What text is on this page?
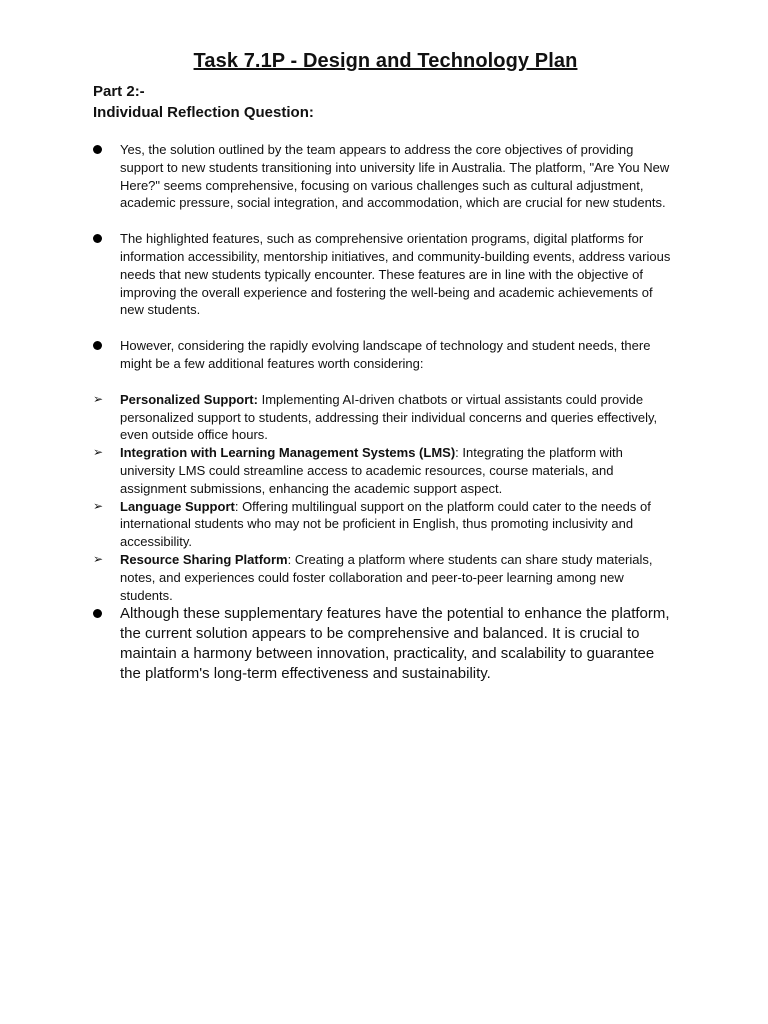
Task 7.1P - Design and Technology Plan
Part 2:-
Individual Reflection Question:
Yes, the solution outlined by the team appears to address the core objectives of providing support to new students transitioning into university life in Australia. The platform, "Are You New Here?" seems comprehensive, focusing on various challenges such as cultural adjustment, academic pressure, social integration, and accommodation, which are crucial for new students.
The highlighted features, such as comprehensive orientation programs, digital platforms for information accessibility, mentorship initiatives, and community-building events, address various needs that new students typically encounter. These features are in line with the objective of improving the overall experience and fostering the well-being and academic achievements of new students.
However, considering the rapidly evolving landscape of technology and student needs, there might be a few additional features worth considering:
➢	Personalized Support: Implementing AI-driven chatbots or virtual assistants could provide personalized support to students, addressing their individual concerns and queries effectively, even outside office hours.
➢	Integration with Learning Management Systems (LMS): Integrating the platform with university LMS could streamline access to academic resources, course materials, and assignment submissions, enhancing the academic support aspect.
➢	Language Support: Offering multilingual support on the platform could cater to the needs of international students who may not be proficient in English, thus promoting inclusivity and accessibility.
➢	Resource Sharing Platform: Creating a platform where students can share study materials, notes, and experiences could foster collaboration and peer-to-peer learning among new students.
Although these supplementary features have the potential to enhance the platform, the current solution appears to be comprehensive and balanced. It is crucial to maintain a harmony between innovation, practicality, and scalability to guarantee the platform's long-term effectiveness and sustainability.
